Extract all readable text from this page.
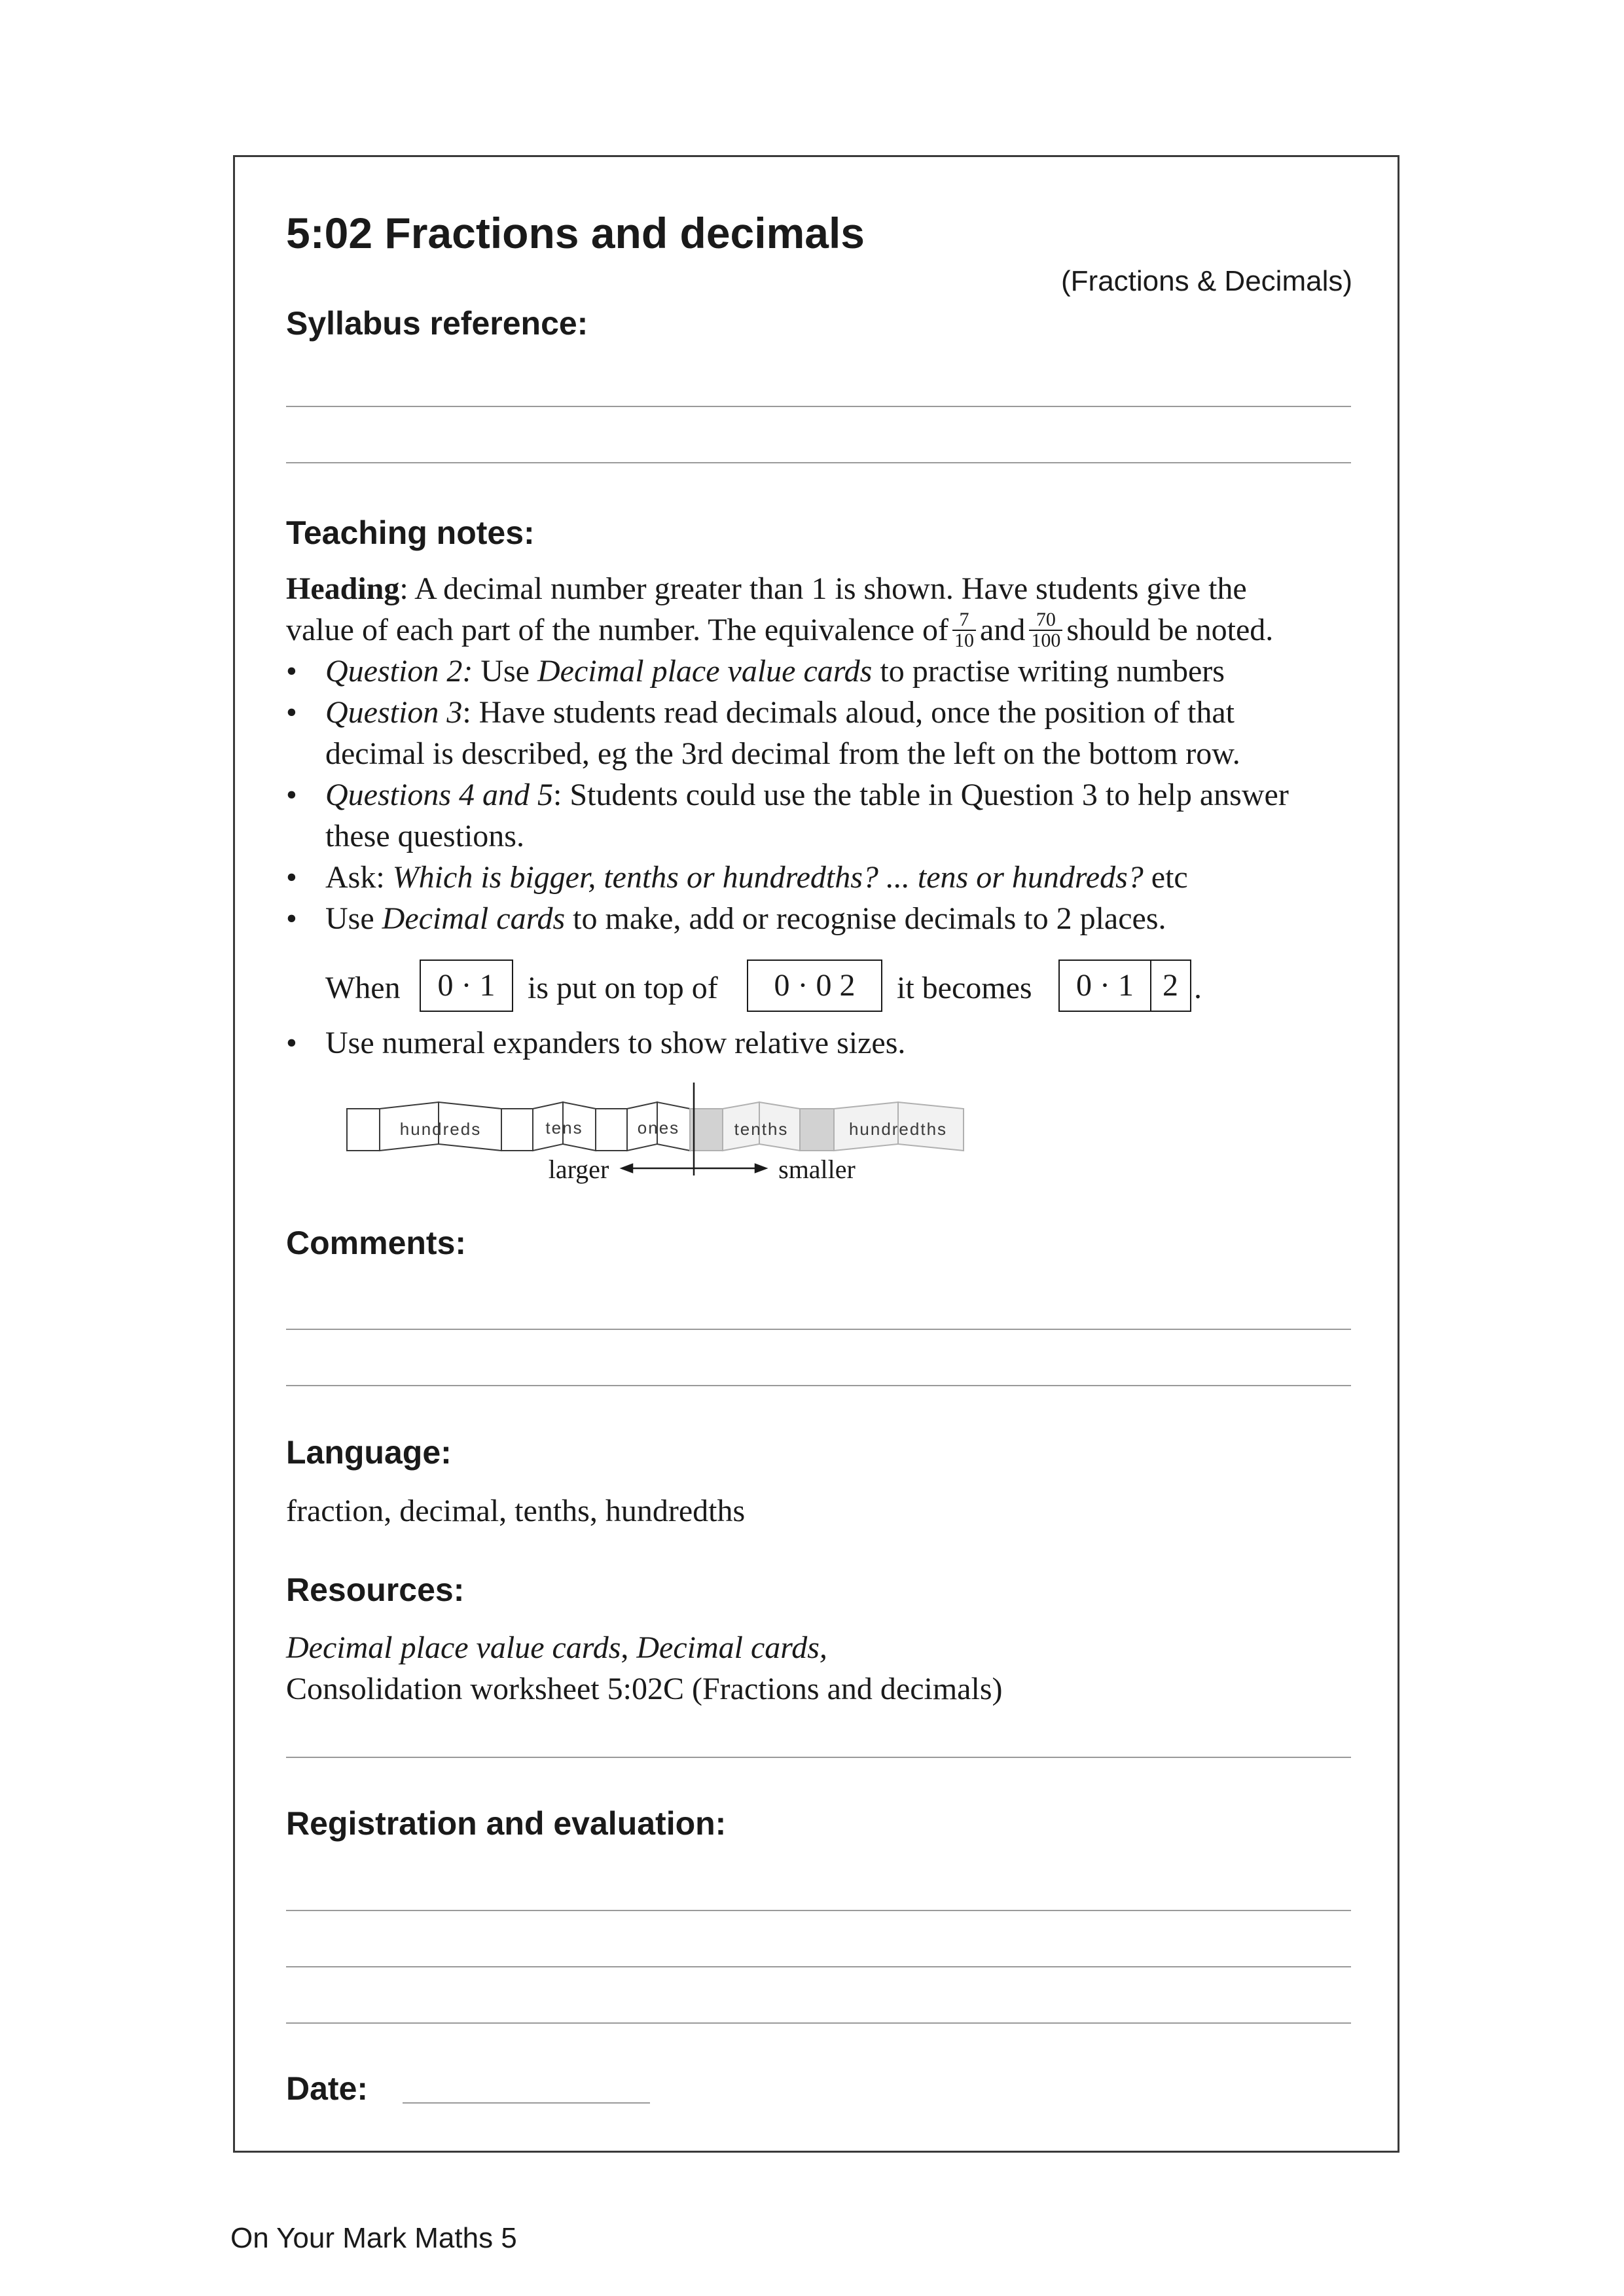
5:02 Fractions and decimals
(Fractions & Decimals)
Syllabus reference:
Teaching notes:
Heading: A decimal number greater than 1 is shown. Have students give the
value of each part of the number. The equivalence of $\frac{7}{10}$ and $\frac{70}{100}$ should be noted.
• Question 2: Use Decimal place value cards to practise writing numbers
• Question 3: Have students read decimals aloud, once the position of that
decimal is described, eg the 3rd decimal from the left on the bottom row.
• Questions 4 and 5: Students could use the table in Question 3 to help answer
these questions.
• Ask: Which is bigger, tenths or hundredths? ... tens or hundreds? etc
• Use Decimal cards to make, add or recognise decimals to 2 places.
When	0 · 1	is put on top of	0 · 0 2	it becomes	0 · 1 2 .
• Use numeral expanders to show relative sizes.
hundreds	tens	ones	tenths	hundredths
larger	smaller
Comments:
Language:
fraction, decimal, tenths, hundredths
Resources:
Decimal place value cards, Decimal cards,
Consolidation worksheet 5:02C (Fractions and decimals)
Registration and evaluation:
Date:
On Your Mark Maths 5
